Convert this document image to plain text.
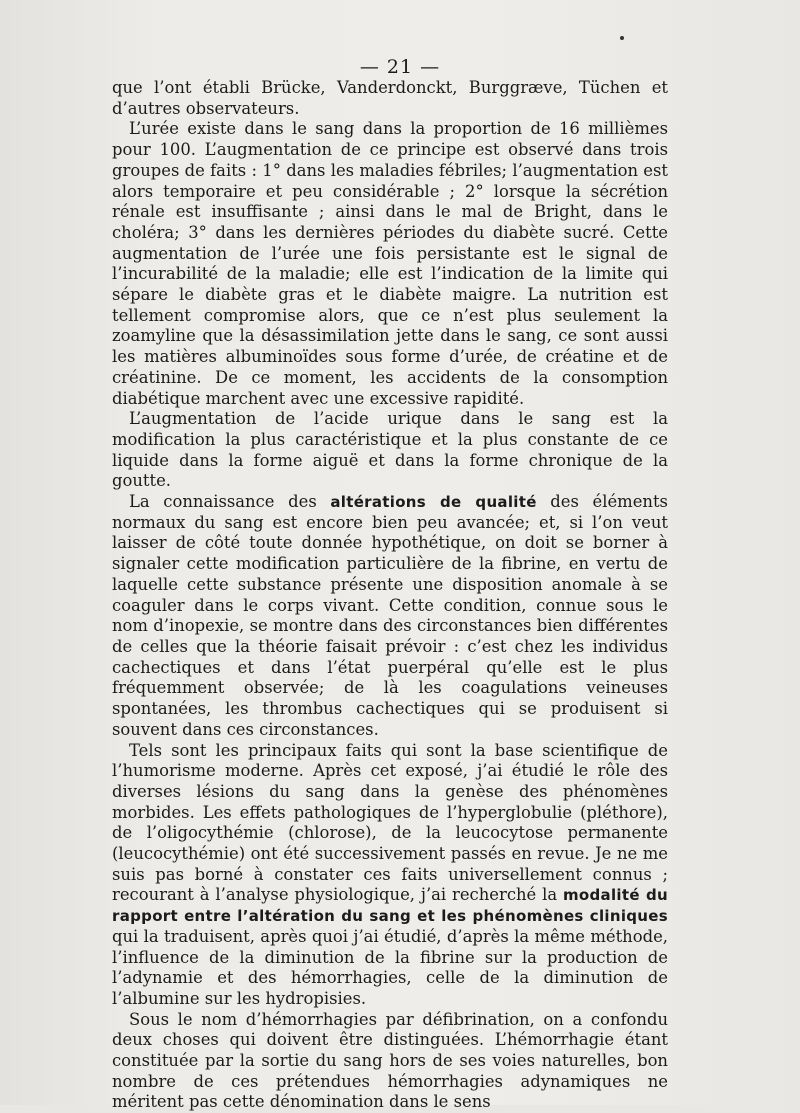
— 21 —

que l’ont établi Brücke, Vanderdonckt, Burggræve, Tüchen et d’autres observateurs.

L’urée existe dans le sang dans la proportion de 16 millièmes pour 100. L’augmentation de ce principe est observé dans trois groupes de faits : 1° dans les maladies fébriles; l’augmentation est alors temporaire et peu considérable ; 2° lorsque la sécrétion rénale est insuffisante ; ainsi dans le mal de Bright, dans le choléra; 3° dans les dernières périodes du diabète sucré. Cette augmentation de l’urée une fois persistante est le signal de l’incurabilité de la maladie; elle est l’indication de la limite qui sépare le diabète gras et le diabète maigre. La nutrition est tellement compromise alors, que ce n’est plus seulement la zoamyline que la désassimilation jette dans le sang, ce sont aussi les matières albuminoïdes sous forme d’urée, de créatine et de créatinine. De ce moment, les accidents de la consomption diabétique marchent avec une excessive rapidité.

L’augmentation de l’acide urique dans le sang est la modification la plus caractéristique et la plus constante de ce liquide dans la forme aiguë et dans la forme chronique de la goutte.

La connaissance des altérations de qualité des éléments normaux du sang est encore bien peu avancée; et, si l’on veut laisser de côté toute donnée hypothétique, on doit se borner à signaler cette modification particulière de la fibrine, en vertu de laquelle cette substance présente une disposition anomale à se coaguler dans le corps vivant. Cette condition, connue sous le nom d’inopexie, se montre dans des circonstances bien différentes de celles que la théorie faisait prévoir : c’est chez les individus cachectiques et dans l’état puerpéral qu’elle est le plus fréquemment observée; de là les coagulations veineuses spontanées, les thrombus cachectiques qui se produisent si souvent dans ces circonstances.

Tels sont les principaux faits qui sont la base scientifique de l’humorisme moderne. Après cet exposé, j’ai étudié le rôle des diverses lésions du sang dans la genèse des phénomènes morbides. Les effets pathologiques de l’hyperglobulie (pléthore), de l’oligocythémie (chlorose), de la leucocytose permanente (leucocythémie) ont été successivement passés en revue. Je ne me suis pas borné à constater ces faits universellement connus ; recourant à l’analyse physiologique, j’ai recherché la modalité du rapport entre l’altération du sang et les phénomènes cliniques qui la traduisent, après quoi j’ai étudié, d’après la même méthode, l’influence de la diminution de la fibrine sur la production de l’adynamie et des hémorrhagies, celle de la diminution de l’albumine sur les hydropisies.

Sous le nom d’hémorrhagies par défibrination, on a confondu deux choses qui doivent être distinguées. L’hémorrhagie étant constituée par la sortie du sang hors de ses voies naturelles, bon nombre de ces prétendues hémorrhagies adynamiques ne méritent pas cette dénomination dans le sens
